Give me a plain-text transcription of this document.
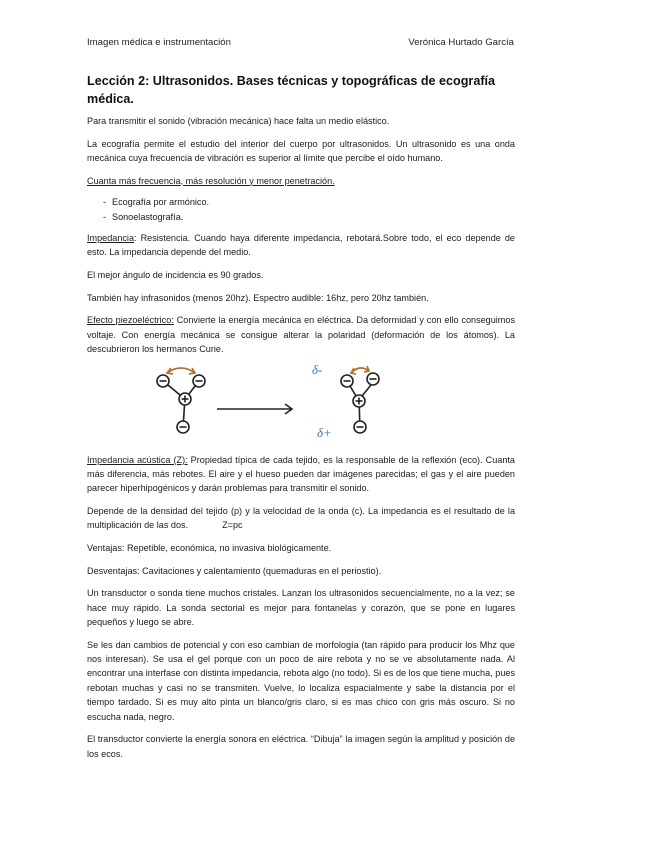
Imagen médica e instrumentación	Verónica Hurtado García
Lección 2: Ultrasonidos. Bases técnicas y topográficas de ecografía médica.

Para transmitir el sonido (vibración mecánica) hace falta un medio elástico.

La ecografía permite el estudio del interior del cuerpo por ultrasonidos. Un ultrasonido es una onda mecánica cuya frecuencia de vibración es superior al límite que percibe el oído humano.

Cuanta más frecuencia, más resolución y menor penetración.

- Ecografía por armónico.
- Sonoelastografía.

Impedancia: Resistencia. Cuando haya diferente impedancia, rebotará.Sobre todo, el eco depende de esto. La impedancia depende del medio.

El mejor ángulo de incidencia es 90 grados.

También hay infrasonidos (menos 20hz). Espectro audible: 16hz, pero 20hz también.

Efecto piezoeléctrico: Convierte la energía mecánica en eléctrica. Da deformidad y con ello conseguimos voltaje. Con energía mecánica se consigue alterar la polaridad (deformación de los átomos). La descubrieron los hermanos Curie.

δ-
δ+

Impedancia acústica (Z): Propiedad típica de cada tejido, es la responsable de la reflexión (eco). Cuanta más diferencia, más rebotes. El aire y el hueso pueden dar imágenes parecidas; el gas y el aire pueden parecer hiperhipogénicos y darán problemas para transmitir el sonido.

Depende de la densidad del tejido (p) y la velocidad de la onda (c). La impedancia es el resultado de la multiplicación de las dos.	Z=pc

Ventajas: Repetible, económica, no invasiva biológicamente.

Desventajas: Cavitaciones y calentamiento (quemaduras en el periostio).

Un transductor o sonda tiene muchos cristales. Lanzan los ultrasonidos secuencialmente, no a la vez; se hace muy rápido. La sonda sectorial es mejor para fontanelas y corazón, que se pone en lugares pequeños y luego se abre.

Se les dan cambios de potencial y con eso cambian de morfología (tan rápido para producir los Mhz que nos interesan). Se usa el gel porque con un poco de aire rebota y no se ve absolutamente nada. Al encontrar una interfase con distinta impedancia, rebota algo (no todo). Si es de los que tiene mucha, pues rebotan muchas y casi no se transmiten. Vuelve, lo localiza espacialmente y sabe la distancia por el tiempo tardado. Si es muy alto pinta un blanco/gris claro, si es mas chico con gris más oscuro. Si no escucha nada, negro.

El transductor convierte la energía sonora en eléctrica. “Dibuja” la imagen según la amplitud y posición de los ecos.
